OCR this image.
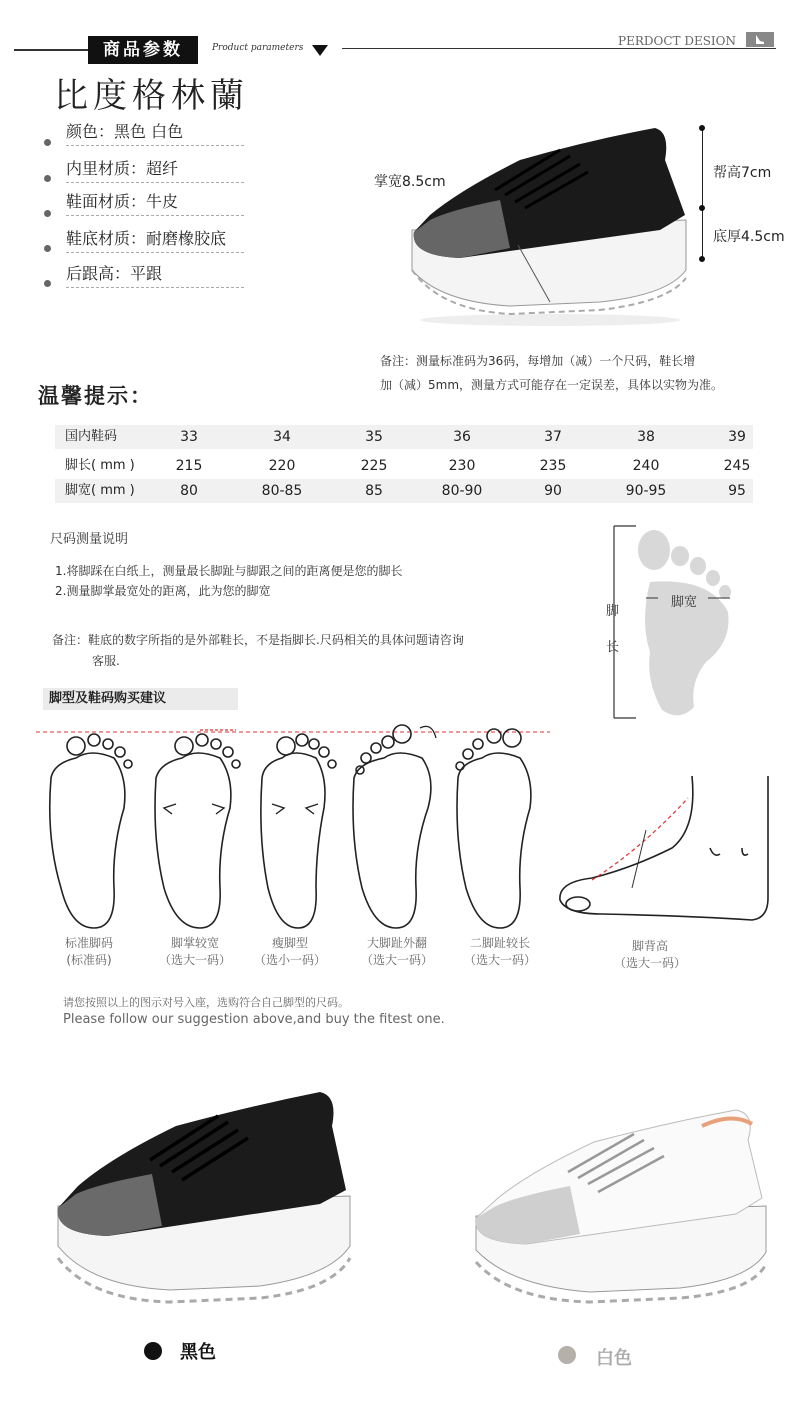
商品参数	Product parameters	PERDOCT DESION
比度格林蘭
颜色：黑色 白色
内里材质：超纤
鞋面材质：牛皮
鞋底材质：耐磨橡胶底
后跟高：平跟
掌宽8.5cm
帮高7cm
底厚4.5cm
备注：测量标准码为36码，每增加（减）一个尺码，鞋长增
加（减）5mm，测量方式可能存在一定误差，具体以实物为准。
温馨提示：
国内鞋码	33	34	35	36	37	38	39
脚长( mm )	215	220	225	230	235	240	245
脚宽( mm )	80	80-85	85	80-90	90	90-95	95
尺码测量说明
1.将脚踩在白纸上，测量最长脚趾与脚跟之间的距离便是您的脚长
2.测量脚掌最宽处的距离，此为您的脚宽
备注：鞋底的数字所指的是外部鞋长，不是指脚长.尺码相关的具体问题请咨询
客服.
脚
长
脚宽
脚型及鞋码购买建议
标准脚码
(标准码)
脚掌较宽
（选大一码）
瘦脚型
（选小一码）
大脚趾外翻
（选大一码）
二脚趾较长
（选大一码）
脚背高
（选大一码）
请您按照以上的图示对号入座，选购符合自己脚型的尺码。
Please follow our suggestion above,and buy the fitest one.
黑色	白色
